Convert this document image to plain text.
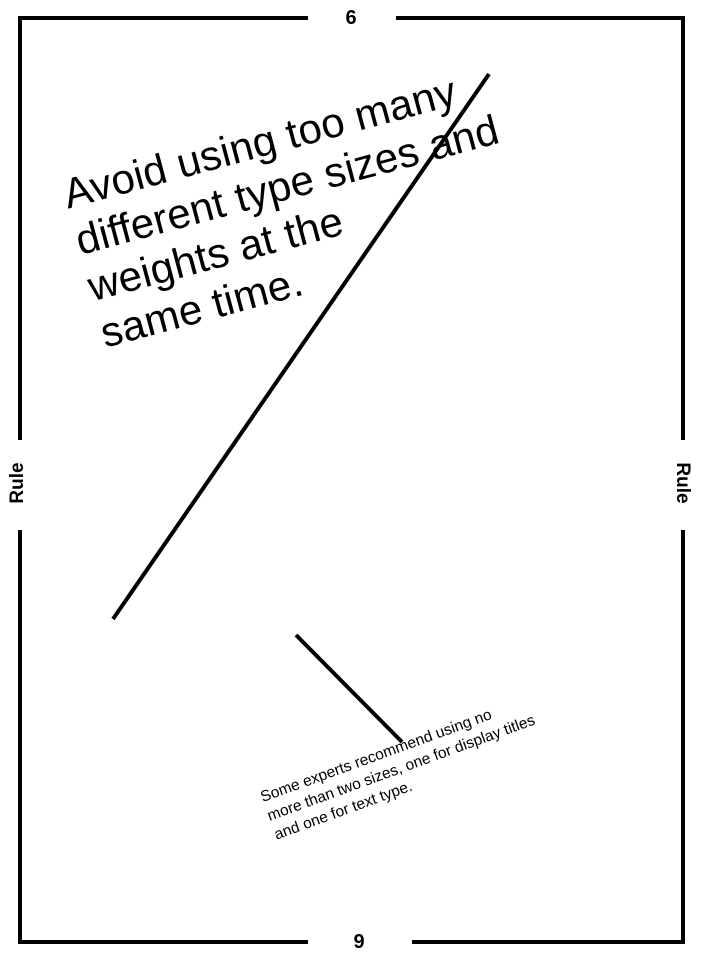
6
9
Rule	Rule

Avoid using too many
different type sizes and
weights at the
same time.

Some experts recommend using no
more than two sizes, one for display titles
and one for text type.
